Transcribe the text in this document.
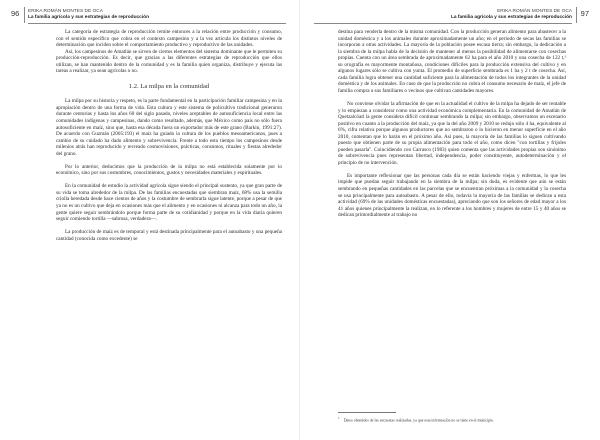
96 ERIKA ROMÁN MONTES DE OCA
La familia agrícola y sus estrategias de reproducción

La categoría de estrategia de reproducción remite entonces a la relación entre producción y consumo, con el sentido específico que cobra en el contexto campesino y a la vez articula los distintos niveles de determinación que inciden sobre el comportamiento productivo y reproductivo de las unidades.

Así, los campesinos de Amatlán se sirven de ciertos elementos del sistema dominante que le permiten su producción-reproducción. Es decir, que gracias a las diferentes estrategias de reproducción que ellos utilizan, se han mantenido dentro de la comunidad y es la familia quien organiza, distribuye y ejecuta las tareas a realizar, ya sean agrícolas o no.

1.2. La milpa en la comunidad

La milpa por su historia y respeto, es la parte fundamental en la participación familiar campesina y en la apropiación dentro de una forma de vida. Esta cultura y este sistema de policultivo tradicional generaron durante centurias y hasta los años 60 del siglo pasado, niveles aceptables de autosuficiencia local entre las comunidades indígenas y campesinas, dando como resultado, además, que México como país no sólo fuera autosuficiente en maíz, sino que, hasta esa década fuera un exportador más de este grano (Barkin, 1991:27). De acuerdo con Guzmán (2005:193) el maíz ha guiado la cultura de los pueblos mesoamericanos, pues a cambio de su cuidado ha dado alimento y sobrevivencia. Frente a todo esto tiempo los campesinos desde milenios atrás han reproducido y recreado cosmovisiones, prácticas, consumos, rituales y fiestas alrededor del grano.

Por lo anterior, deducimos que la producción de la milpa no está establecida solamente por lo económico, sino por sus costumbres, conocimientos, gustos y necesidades materiales y espirituales.

En la comunidad de estudio la actividad agrícola sigue siendo el principal sustento, ya que gran parte de su vida se toma alrededor de la milpa. De las familias encuestadas que siembran maíz, 68% usa la semilla criolla heredada desde hace cientos de años y la costumbre de sembrarla sigue latente, porque a pesar de que ya no es un cultivo que deja en ocasiones más que el alimento y en ocasiones ni alcanza para todo un año, la gente quiere seguir sembrándolo porque forma parte de su cotidianidad y porque en la vida diaria quieren seguir comiendo tortilla —sabrosa, verdadera—.

La producción de maíz es de temporal y está destinada principalmente para el autoabasto y una pequeña cantidad (conocida como excedente) se

97
ERIKA ROMÁN MONTES DE OCA
La familia agrícola y sus estrategias de reproducción

destina para venderla dentro de la misma comunidad. Con la producción generan alimento para abastecer a la unidad doméstica y a los animales durante aproximadamente un año; en el periodo de secas las familias se incorporan a otras actividades. La mayoría de la población posee escasa tierra; sin embargo, la dedicación a la siembra de la milpa habla de la decisión de mantener al menos la posibilidad de alimentarse con cosechas propias. Cuenta con un área sembrada de aproximadamente 62 ha para el año 2010 y una cosecha de 122 t,¹ su orografía es mayormente montañosa, condiciones difíciles para la producción extensiva del cultivo y en algunos lugares sólo se cultiva con yunta. El promedio de superficie sembrada es 1 ha y 2 t de cosecha. Así, cada familia logra obtener una cantidad suficiente para la alimentación de todos los integrantes de la unidad doméstica y de los animales. En caso de que la producción no cubra el consumo necesario de maíz, el jefe de familia compra a sus familiares o vecinos que cultivan cantidades mayores.

No conviene olvidar la afirmación de que en la actualidad el cultivo de la milpa ha dejado de ser rentable y lo empiezan a considerar como una actividad económica complementaria. En la comunidad de Amatlán de Quetzalcóatl la gente considera difícil continuar sembrando la milpa; sin embargo, observamos un escenario positivo en cuanto a la producción del maíz, ya que la del año 2009 y 2010 se redujo sólo 4 ha, equivalente al 6%, cifra relativa porque algunos productores que no sembraron o lo hicieron en menor superficie en el año 2010, comentan que lo harán en el próximo año. Así pues, la mayoría de las familias lo siguen cultivando puesto que obtienen parte de su propia alimentación para todo el año, como dicen "con tortillas y frijoles pueden pasarla". Coincidiendo con Carrasco (1983) quien comenta que las actividades propias son sinónimo de sobrevivencia pues representan libertad, independencia, poder constituyente, autodeterminación y el principio de no intervención.

Es importante reflexionar que las personas cada día se están haciendo viejas y enfermas, lo que les impide que puedan seguir trabajando en la siembra de la milpa; sin duda, es evidente que aún se están sembrando en pequeñas cantidades en las parcelas que se encuentran próximas a la comunidad y la cosecha se usa principalmente para autoabasto. A pesar de ello, todavía la mayoría de las familias se dedican a esta actividad (69% de las unidades domésticas encuestadas), apreciando que son los señores de edad mayor a los 41 años quienes principalmente la realizan, en lo referente a los hombres y mujeres de entre 15 y 40 años se dedican primordialmente al trabajo no

1Datos obtenidos de las encuestas realizadas, ya que esta información no se tiene en el municipio.
